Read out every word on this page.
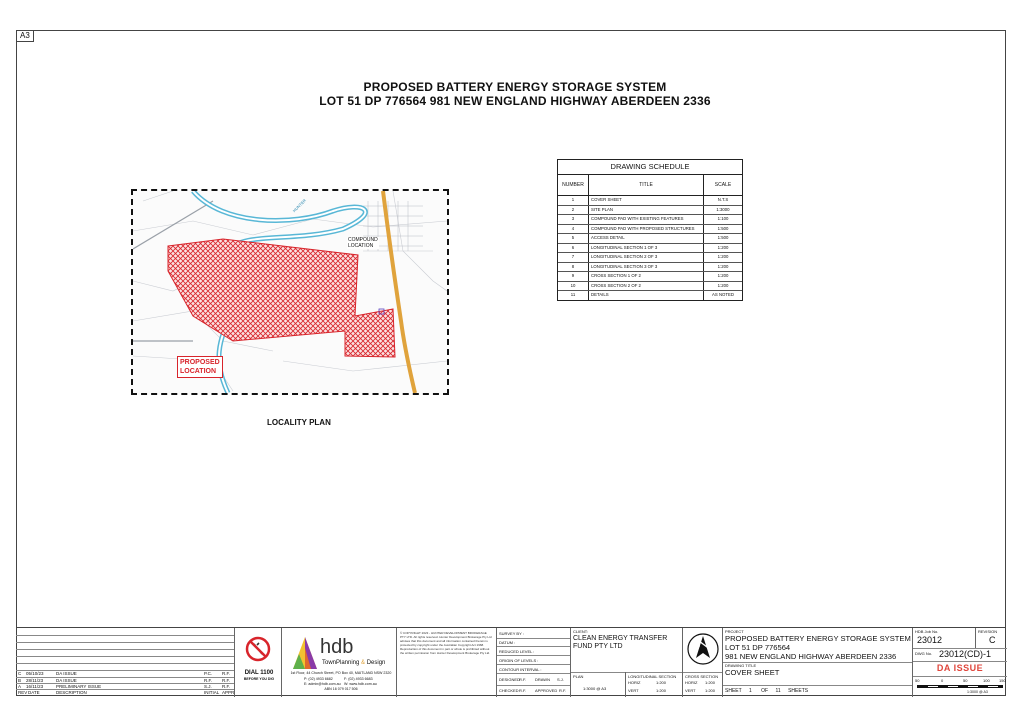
A3
PROPOSED BATTERY ENERGY STORAGE SYSTEM
LOT 51 DP 776564 981 NEW ENGLAND HIGHWAY ABERDEEN 2336
HUNTER
COMPOUND
LOCATION
PROPOSED
LOCATION
LOCALITY PLAN
DRAWING SCHEDULE
NUMBER	TITLE	SCALE
1	COVER SHEET	N.T.S
2	SITE PLAN	1:3000
3	COMPOUND PAD WITH EXISTING FEATURES	1:100
4	COMPOUND PAD WITH PROPOSED STRUCTURES	1:500
5	ACCESS DETAIL	1:500
6	LONGITUDINAL SECTION 1 OF 3	1:200
7	LONGITUDINAL SECTION 2 OF 3	1:200
8	LONGITUDINAL SECTION 3 OF 3	1:200
9	CROSS SECTION 1 OF 2	1:200
10	CROSS SECTION 2 OF 2	1:200
11	DETAILS	AS NOTED
C 05/10/23	DA ISSUE	P.C. R.F.
B 28/11/23	DA ISSUE	R.F. R.F.
A 16/11/23	PRELIMINARY ISSUE	S.J. R.F.
REV DATE	DESCRIPTION	INITIAL APPR
DIAL 1100
BEFORE YOU DIG
hdb
TownPlanning & Design
1st Floor, 44 Church Street, PO Box 40, MAITLAND NSW 2320
P: (02) 4933 6682	F: (02) 4933 6683
E: admin@hdb.com.au W: www.hdb.com.au
ABN 16 079 017 506
© COPYRIGHT 2023 - HUNTER DEVELOPMENT BROKERAGE PTY LTD. All rights reserved. Hunter Development Brokerage Pty Ltd advises that this document and all information contained therein is protected by copyright under the Australian Copyright Act 1968. Reproduction of this document in part or whole is prohibited without the written permission from Hunter Development Brokerage Pty Ltd.
SURVEY BY :
DATUM :
REDUCED LEVEL :
ORIGIN OF LEVELS :
CONTOUR INTERVAL :
DESIGNED R.F. DRAWN S.J.
CHECKED R.F. APPROVED R.F.
CLIENT:
CLEAN ENERGY TRANSFER
FUND PTY LTD
PLAN
1:3000 @ A3
LONGITUDINAL SECTION
HORIZ	1:200
VERT	1:200
CROSS SECTION
HORIZ 1:200
VERT 1:200
PROJECT
PROPOSED BATTERY ENERGY STORAGE SYSTEM
LOT 51 DP 776564
981 NEW ENGLAND HIGHWAY ABERDEEN 2336
DRAWING TITLE
COVER SHEET
SHEET 1 OF 11 SHEETS
HDB Job No.
23012
REVISION
C
DWG No. 23012(CD)-1
DA ISSUE
50	0	50	100 150
1:3000 @ A3
